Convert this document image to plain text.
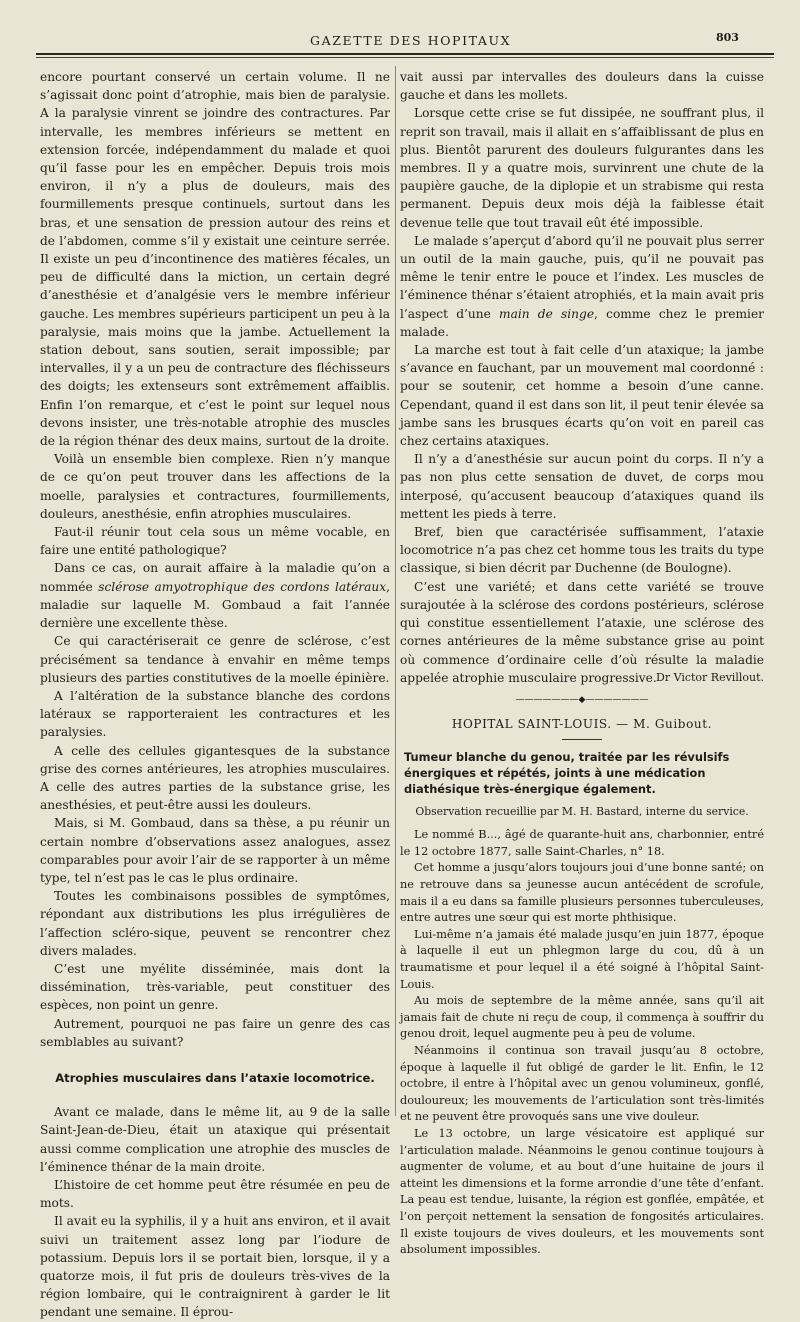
GAZETTE DES HOPITAUX	803

encore pourtant conservé un certain volume. Il ne s’agissait donc point d’atrophie, mais bien de paralysie. A la paralysie vinrent se joindre des contractures. Par intervalle, les membres inférieurs se mettent en extension forcée, indépendamment du malade et quoi qu’il fasse pour les en empêcher. Depuis trois mois environ, il n’y a plus de douleurs, mais des fourmillements presque continuels, surtout dans les bras, et une sensation de pression autour des reins et de l’abdomen, comme s’il y existait une ceinture serrée. Il existe un peu d’incontinence des matières fécales, un peu de difficulté dans la miction, un certain degré d’anesthésie et d’analgésie vers le membre inférieur gauche. Les membres supérieurs participent un peu à la paralysie, mais moins que la jambe. Actuellement la station debout, sans soutien, serait impossible; par intervalles, il y a un peu de contracture des fléchisseurs des doigts; les extenseurs sont extrêmement affaiblis. Enfin l’on remarque, et c’est le point sur lequel nous devons insister, une très-notable atrophie des muscles de la région thénar des deux mains, surtout de la droite.

Voilà un ensemble bien complexe. Rien n’y manque de ce qu’on peut trouver dans les affections de la moelle, paralysies et contractures, fourmillements, douleurs, anesthésie, enfin atrophies musculaires.

Faut-il réunir tout cela sous un même vocable, en faire une entité pathologique?

Dans ce cas, on aurait affaire à la maladie qu’on a nommée sclérose amyotrophique des cordons latéraux, maladie sur laquelle M. Gombaud a fait l’année dernière une excellente thèse.

Ce qui caractériserait ce genre de sclérose, c’est précisément sa tendance à envahir en même temps plusieurs des parties constitutives de la moelle épinière.

A l’altération de la substance blanche des cordons latéraux se rapporteraient les contractures et les paralysies.

A celle des cellules gigantesques de la substance grise des cornes antérieures, les atrophies musculaires. A celle des autres parties de la substance grise, les anesthésies, et peut-être aussi les douleurs.

Mais, si M. Gombaud, dans sa thèse, a pu réunir un certain nombre d’observations assez analogues, assez comparables pour avoir l’air de se rapporter à un même type, tel n’est pas le cas le plus ordinaire.

Toutes les combinaisons possibles de symptômes, répondant aux distributions les plus irrégulières de l’affection scléro-sique, peuvent se rencontrer chez divers malades.

C’est une myélite disséminée, mais dont la dissémination, très-variable, peut constituer des espèces, non point un genre.

Autrement, pourquoi ne pas faire un genre des cas semblables au suivant?

Atrophies musculaires dans l’ataxie locomotrice.

Avant ce malade, dans le même lit, au 9 de la salle Saint-Jean-de-Dieu, était un ataxique qui présentait aussi comme complication une atrophie des muscles de l’éminence thénar de la main droite.

L’histoire de cet homme peut être résumée en peu de mots.

Il avait eu la syphilis, il y a huit ans environ, et il avait suivi un traitement assez long par l’iodure de potassium. Depuis lors il se portait bien, lorsque, il y a quatorze mois, il fut pris de douleurs très-vives de la région lombaire, qui le contraignirent à garder le lit pendant une semaine. Il éprou-

vait aussi par intervalles des douleurs dans la cuisse gauche et dans les mollets.

Lorsque cette crise se fut dissipée, ne souffrant plus, il reprit son travail, mais il allait en s’affaiblissant de plus en plus. Bientôt parurent des douleurs fulgurantes dans les membres. Il y a quatre mois, survinrent une chute de la paupière gauche, de la diplopie et un strabisme qui resta permanent. Depuis deux mois déjà la faiblesse était devenue telle que tout travail eût été impossible.

Le malade s’aperçut d’abord qu’il ne pouvait plus serrer un outil de la main gauche, puis, qu’il ne pouvait pas même le tenir entre le pouce et l’index. Les muscles de l’éminence thénar s’étaient atrophiés, et la main avait pris l’aspect d’une main de singe, comme chez le premier malade.

La marche est tout à fait celle d’un ataxique; la jambe s’avance en fauchant, par un mouvement mal coordonné : pour se soutenir, cet homme a besoin d’une canne. Cependant, quand il est dans son lit, il peut tenir élevée sa jambe sans les brusques écarts qu’on voit en pareil cas chez certains ataxiques.

Il n’y a d’anesthésie sur aucun point du corps. Il n’y a pas non plus cette sensation de duvet, de corps mou interposé, qu’accusent beaucoup d’ataxiques quand ils mettent les pieds à terre.

Bref, bien que caractérisée suffisamment, l’ataxie locomotrice n’a pas chez cet homme tous les traits du type classique, si bien décrit par Duchenne (de Boulogne).

C’est une variété; et dans cette variété se trouve surajoutée à la sclérose des cordons postérieurs, sclérose qui constitue essentiellement l’ataxie, une sclérose des cornes antérieures de la même substance grise au point où commence d’ordinaire celle d’où résulte la maladie appelée atrophie musculaire progressive. Dr Victor Revillout.
———————◆———————
HOPITAL SAINT-LOUIS. — M. Guibout.
Tumeur blanche du genou, traitée par les révulsifs énergiques et répétés, joints à une médication diathésique très-énergique également.
Observation recueillie par M. H. Bastard, interne du service.

Le nommé B..., âgé de quarante-huit ans, charbonnier, entré le 12 octobre 1877, salle Saint-Charles, n° 18.

Cet homme a jusqu’alors toujours joui d’une bonne santé; on ne retrouve dans sa jeunesse aucun antécédent de scrofule, mais il a eu dans sa famille plusieurs personnes tuberculeuses, entre autres une sœur qui est morte phthisique.

Lui-même n’a jamais été malade jusqu’en juin 1877, époque à laquelle il eut un phlegmon large du cou, dû à un traumatisme et pour lequel il a été soigné à l’hôpital Saint-Louis.

Au mois de septembre de la même année, sans qu’il ait jamais fait de chute ni reçu de coup, il commença à souffrir du genou droit, lequel augmente peu à peu de volume.

Néanmoins il continua son travail jusqu’au 8 octobre, époque à laquelle il fut obligé de garder le lit. Enfin, le 12 octobre, il entre à l’hôpital avec un genou volumineux, gonflé, douloureux; les mouvements de l’articulation sont très-limités et ne peuvent être provoqués sans une vive douleur.

Le 13 octobre, un large vésicatoire est appliqué sur l’articulation malade. Néanmoins le genou continue toujours à augmenter de volume, et au bout d’une huitaine de jours il atteint les dimensions et la forme arrondie d’une tête d’enfant. La peau est tendue, luisante, la région est gonflée, empâtée, et l’on perçoit nettement la sensation de fongosités articulaires. Il existe toujours de vives douleurs, et les mouvements sont absolument impossibles.
